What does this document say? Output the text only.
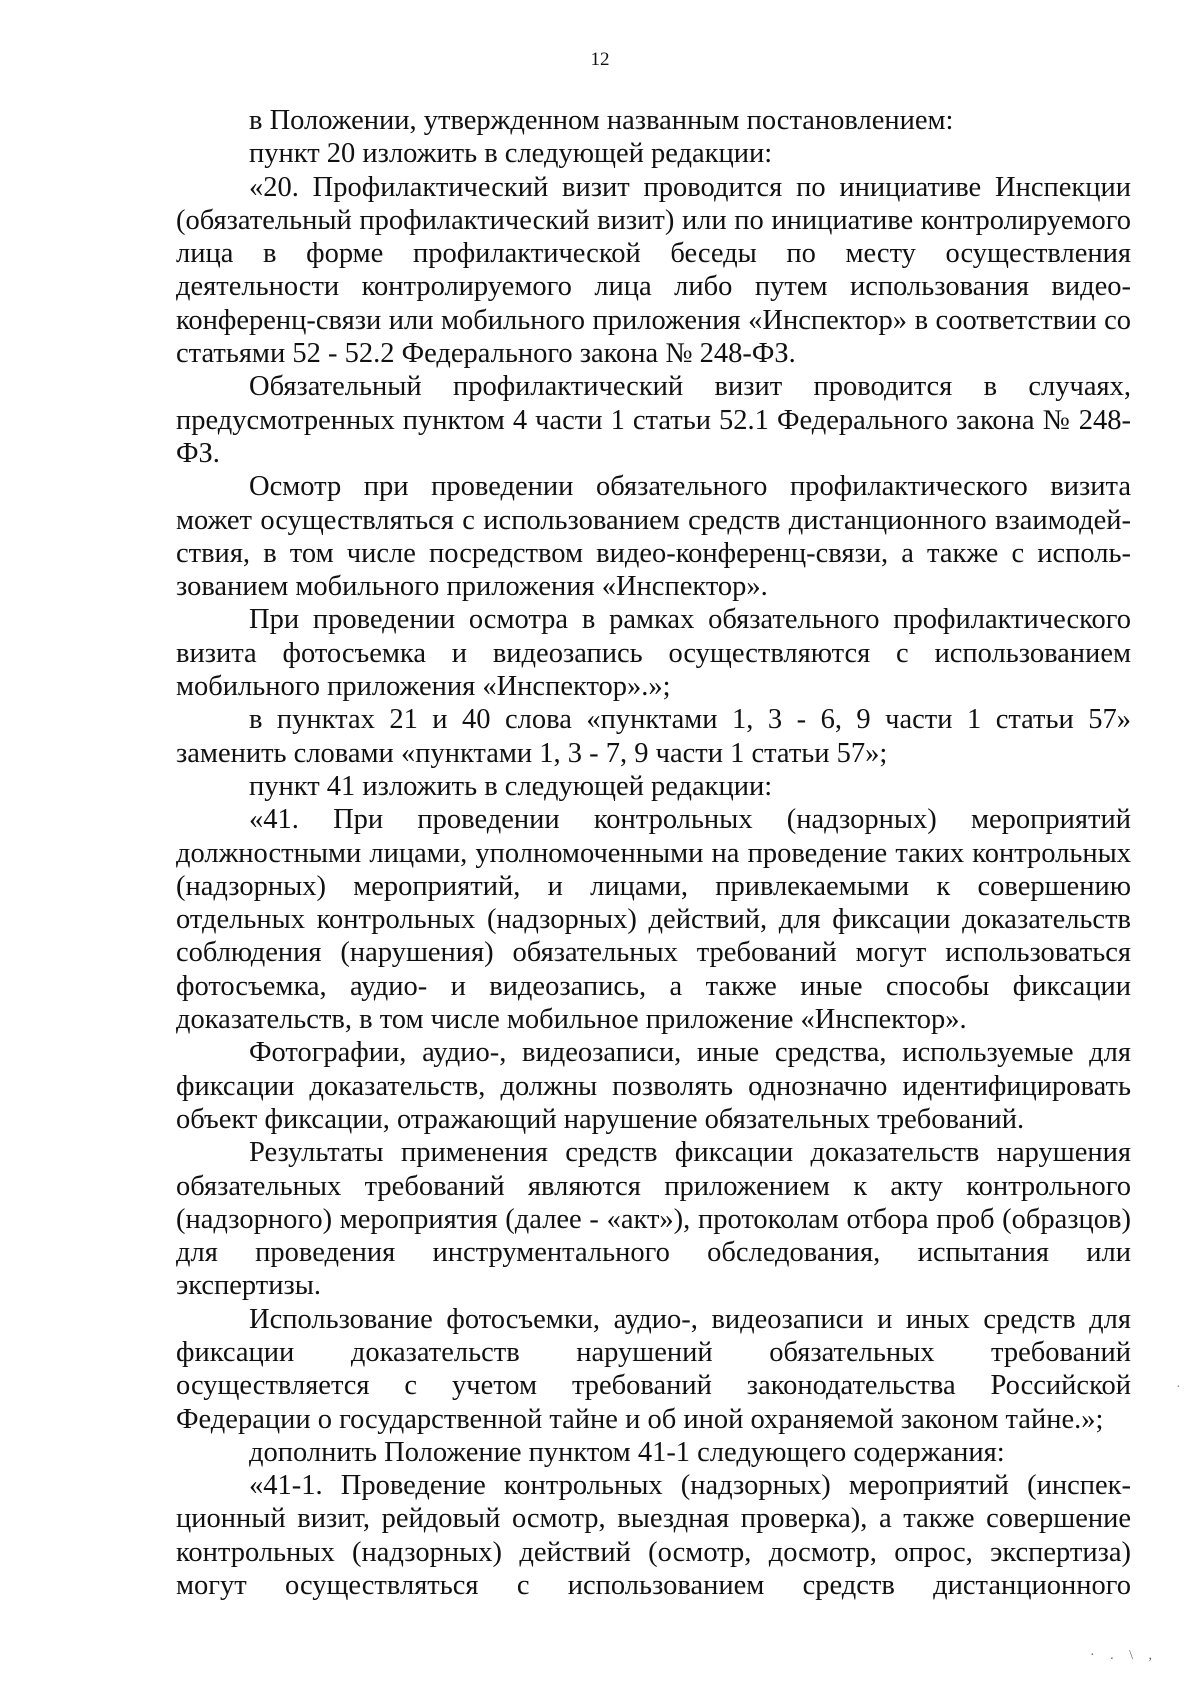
12

в Положении, утвержденном названным постановлением:

пункт 20 изложить в следующей редакции:

«20. Профилактический визит проводится по инициативе Инспекции (обязательный профилактический визит) или по инициативе контролируемого лица в форме профилактической беседы по месту осуществления деятельности контролируемого лица либо путем использования видео-конференц-связи или мобильного приложения «Инспектор» в соответствии со статьями 52 - 52.2 Федерального закона № 248-ФЗ.

Обязательный профилактический визит проводится в случаях, предусмотренных пунктом 4 части 1 статьи 52.1 Федерального закона № 248-ФЗ.

Осмотр при проведении обязательного профилактического визита может осуществляться с использованием средств дистанционного взаимодействия, в том числе посредством видео-конференц-связи, а также с использованием мобильного приложения «Инспектор».

При проведении осмотра в рамках обязательного профилактического визита фотосъемка и видеозапись осуществляются с использованием мобильного приложения «Инспектор».»;

в пунктах 21 и 40 слова «пунктами 1, 3 - 6, 9 части 1 статьи 57» заменить словами «пунктами 1, 3 - 7, 9 части 1 статьи 57»;

пункт 41 изложить в следующей редакции:

«41. При проведении контрольных (надзорных) мероприятий должностными лицами, уполномоченными на проведение таких контрольных (надзорных) мероприятий, и лицами, привлекаемыми к совершению отдельных контрольных (надзорных) действий, для фиксации доказательств соблюдения (нарушения) обязательных требований могут использоваться фотосъемка, аудио- и видеозапись, а также иные способы фиксации доказательств, в том числе мобильное приложение «Инспектор».

Фотографии, аудио-, видеозаписи, иные средства, используемые для фиксации доказательств, должны позволять однозначно идентифицировать объект фиксации, отражающий нарушение обязательных требований.

Результаты применения средств фиксации доказательств нарушения обязательных требований являются приложением к акту контрольного (надзорного) мероприятия (далее - «акт»), протоколам отбора проб (образцов) для проведения инструментального обследования, испытания или экспертизы.

Использование фотосъемки, аудио-, видеозаписи и иных средств для фиксации доказательств нарушений обязательных требований осуществляется с учетом требований законодательства Российской Федерации о государственной тайне и об иной охраняемой законом тайне.»;

дополнить Положение пунктом 41-1 следующего содержания:

«41-1. Проведение контрольных (надзорных) мероприятий (инспекционный визит, рейдовый осмотр, выездная проверка), а также совершение контрольных (надзорных) действий (осмотр, досмотр, опрос, экспертиза) могут осуществляться с использованием средств дистанционного

·
· . \ ,
